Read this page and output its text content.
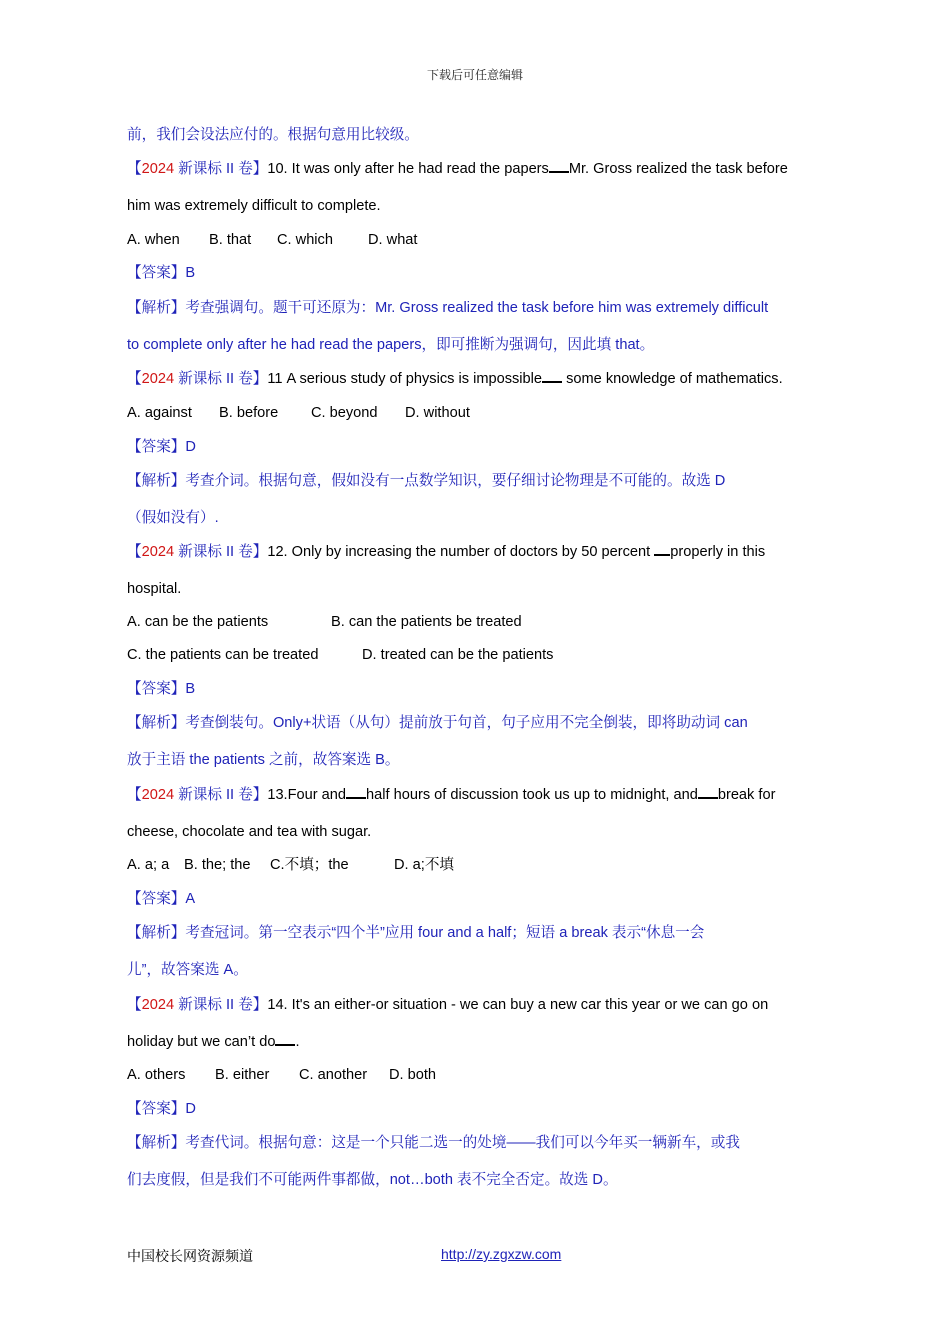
下载后可任意编辑
前，我们会设法应付的。根据句意用比较级。
【2024 新课标 II 卷】10. It was only after he had read the papers Mr. Gross realized the task before
him was extremely difficult to complete.
A. when B. that C. which D. what
【答案】B
【解析】考查强调句。题干可还原为：Mr. Gross realized the task before him was extremely difficult
to complete only after he had read the papers，即可推断为强调句，因此填 that。
【2024 新课标 II 卷】11 A serious study of physics is impossible some knowledge of mathematics.
A. against B. before C. beyond D. without
【答案】D
【解析】考查介词。根据句意，假如没有一点数学知识，要仔细讨论物理是不可能的。故选 D
（假如没有）.
【2024 新课标 II 卷】12. Only by increasing the number of doctors by 50 percent properly in this
hospital.
A. can be the patients	B. can the patients be treated
C. the patients can be treated	D. treated can be the patients
【答案】B
【解析】考查倒装句。Only+状语（从句）提前放于句首，句子应用不完全倒装，即将助动词 can
放于主语 the patients 之前，故答案选 B。
【2024 新课标 II 卷】13.Four and half hours of discussion took us up to midnight, and break for
cheese, chocolate and tea with sugar.
A. a; a B. the; the C.不填；the	D. a;不填
【答案】A
【解析】考查冠词。第一空表示“四个半”应用 four and a half；短语 a break 表示“休息一会
儿”，故答案选 A。
【2024 新课标 II 卷】14. It's an either-or situation - we can buy a new car this year or we can go on
holiday but we can’t do .
A. others B. either C. another D. both
【答案】D
【解析】考查代词。根据句意：这是一个只能二选一的处境——我们可以今年买一辆新车，或我
们去度假，但是我们不可能两件事都做，not…both 表不完全否定。故选 D。
中国校长网资源频道	http://zy.zgxzw.com
